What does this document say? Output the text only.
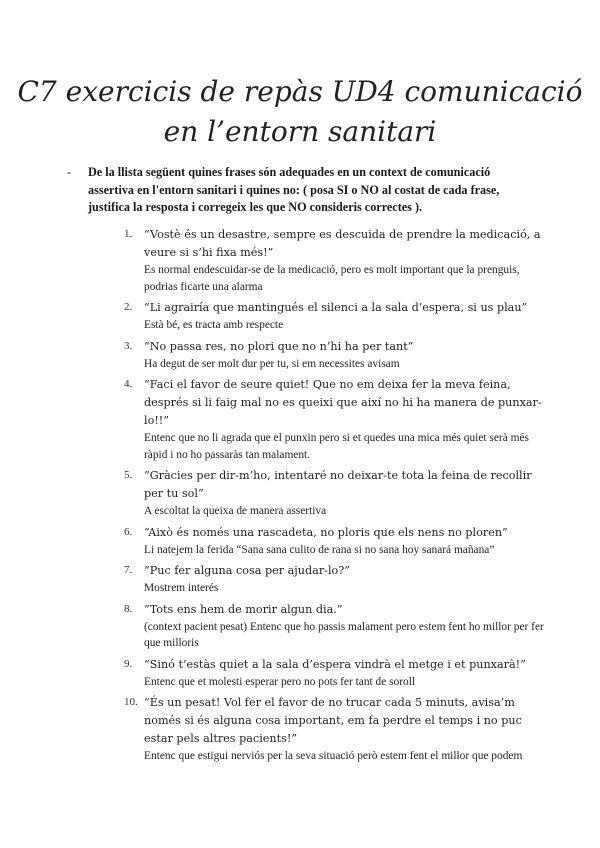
C7 exercicis de repàs UD4 comunicació
en l’entorn sanitari
- De la llista següent quines frases són adequades en un context de comunicació assertiva en l'entorn sanitari i quines no: ( posa SI o NO al costat de cada frase, justifica la resposta i corregeix les que NO consideris correctes ).
1. “Vostè és un desastre, sempre es descuida de prendre la medicació, a veure si s’hi fixa més!”
Es normal endescuidar-se de la medicació, pero es molt important que la prenguis, podrias ficarte una alarma
2. “Li agrairía que mantingués el silenci a la sala d’espera, si us plau”
Està bé, es tracta amb respecte
3. “No passa res, no plori que no n’hi ha per tant”
Ha degut de ser molt dur per tu, si em necessites avisam
4. “Faci el favor de seure quiet! Que no em deixa fer la meva feina, després si li faig mal no es queixi que així no hi ha manera de punxar-lo!!”
Entenc que no li agrada que el punxin pero si et quedes una mica més quiet serà més ràpid i no ho passaràs tan malament.
5. ”Gràcies per dir-m’ho, intentaré no deixar-te tota la feina de recollir per tu sol”
A escoltat la queixa de manera assertiva
6. “Això és només una rascadeta, no ploris que els nens no ploren”
Li natejem la ferida “Sana sana culito de rana si no sana hoy sanará mañana”
7. ”Puc fer alguna cosa per ajudar-lo?”
Mostrem interés
8. ”Tots ens hem de morir algun dia.”
(context pacient pesat) Entenc que ho passis malament pero estem fent ho millor per fer que milloris
9. “Sinó t’estàs quiet a la sala d’espera vindrà el metge i et punxarà!”
Entenc que et molesti esperar pero no pots fer tant de soroll
10. “És un pesat! Vol fer el favor de no trucar cada 5 minuts, avisa’m només si és alguna cosa important, em fa perdre el temps i no puc estar pels altres pacients!”
Entenc que estigui nerviós per la seva situació però estem fent el millor que podem
